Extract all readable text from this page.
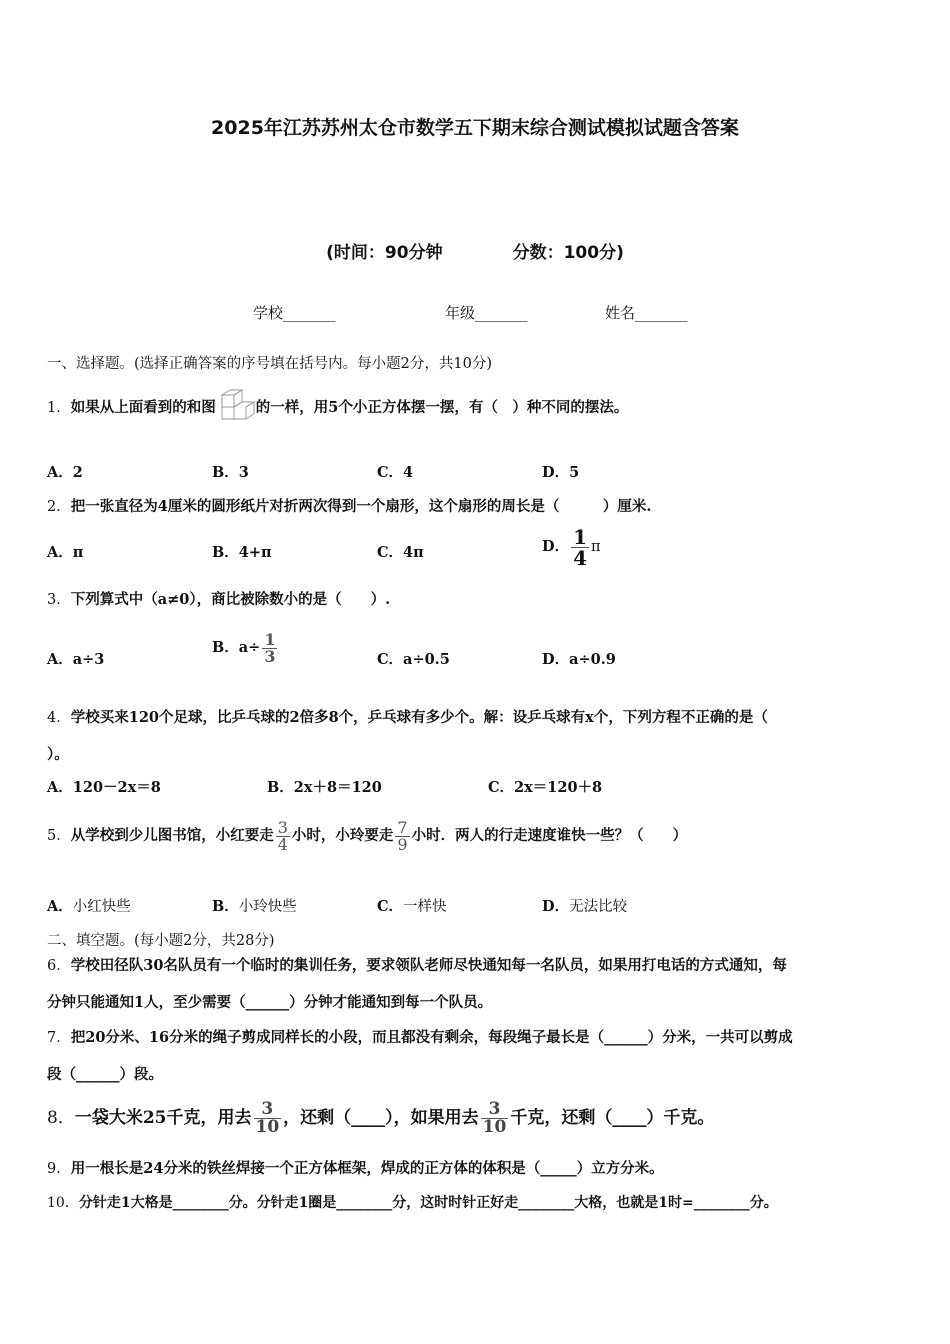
2025年江苏苏州太仓市数学五下期末综合测试模拟试题含答案
(时间：90分钟	分数：100分)
学校_______	年级_______	姓名_______
一、选择题。(选择正确答案的序号填在括号内。每小题2分，共10分)
1．如果从上面看到的和图	的一样，用5个小正方体摆一摆，有（　）种不同的摆法。
A．2	B．3	C．4	D．5
2．把一张直径为4厘米的圆形纸片对折两次得到一个扇形，这个扇形的周长是（　　　）厘米.
A．π	B．4+π	C．4π	D． $\frac{1}{4}$ π
3．下列算式中（a≠0），商比被除数小的是（　　）.
A．a÷3
B．$a\div \frac{1}{3}$	C．a÷0.5	D．a÷0.9
4．学校买来120个足球，比乒乓球的2倍多8个，乒乓球有多少个。解：设乒乓球有x个，下列方程不正确的是（
）。
A．120－2x＝8	B．2x＋8＝120	C．2x＝120＋8
5．从学校到少儿图书馆，小红要走 $\frac{3}{4}$ 小时，小玲要走 $\frac{7}{9}$ 小时．两人的行走速度谁快一些？（　　）
A．小红快些	B．小玲快些	C．一样快	D．无法比较
二、填空题。(每小题2分，共28分)
6．学校田径队30名队员有一个临时的集训任务，要求领队老师尽快通知每一名队员，如果用打电话的方式通知，每
分钟只能通知1人，至少需要（______）分钟才能通知到每一个队员。
7．把20分米、16分米的绳子剪成同样长的小段，而且都没有剩余，每段绳子最长是（______）分米，一共可以剪成
段（______）段。
8．一袋大米25千克，用去 $\frac{3}{10}$ ，还剩（____），如果用去 $\frac{3}{10}$ 千克，还剩（____）千克。
9．用一根长是24分米的铁丝焊接一个正方体框架，焊成的正方体的体积是（_____）立方分米。
10．分针走1大格是________分。分针走1圈是________分，这时时针正好走________大格，也就是1时=________分。
